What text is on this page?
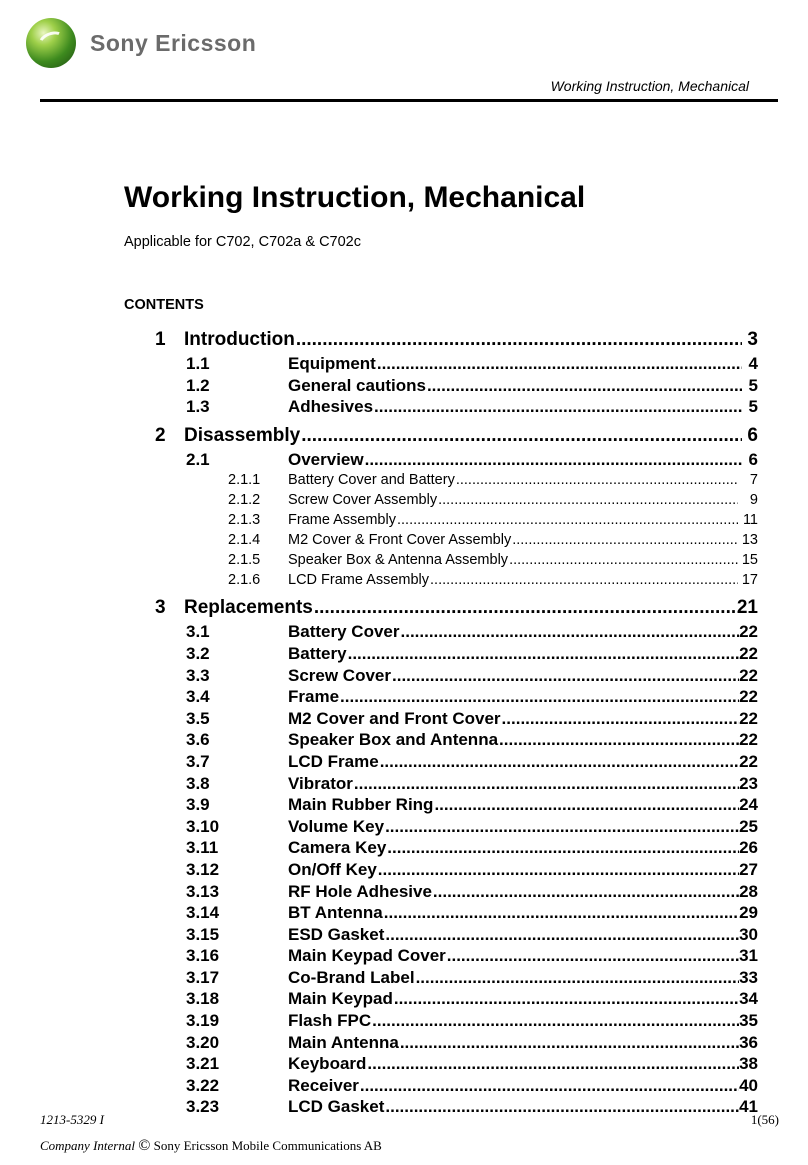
Sony Ericsson
Working Instruction, Mechanical
Working Instruction, Mechanical
Applicable for C702, C702a & C702c
CONTENTS
1 Introduction .....	3
1.1	Equipment .....	4
1.2	General cautions .....	5
1.3	Adhesives .....	5
2 Disassembly .....	6
2.1	Overview .....	6
2.1.1 Battery Cover and Battery .....	7
2.1.2 Screw Cover Assembly .....	9
2.1.3 Frame Assembly .....	11
2.1.4 M2 Cover & Front Cover Assembly .....	13
2.1.5 Speaker Box & Antenna Assembly .....	15
2.1.6 LCD Frame Assembly .....	17
3 Replacements .....	21
3.1	Battery Cover .....	22
3.2	Battery .....	22
3.3	Screw Cover .....	22
3.4	Frame .....	22
3.5	M2 Cover and Front Cover .....	22
3.6	Speaker Box and Antenna .....	22
3.7	LCD Frame .....	22
3.8	Vibrator .....	23
3.9	Main Rubber Ring .....	24
3.10	Volume Key .....	25
3.11	Camera Key .....	26
3.12	On/Off Key .....	27
3.13	RF Hole Adhesive .....	28
3.14	BT Antenna .....	29
3.15	ESD Gasket .....	30
3.16	Main Keypad Cover .....	31
3.17	Co-Brand Label .....	33
3.18	Main Keypad .....	34
3.19	Flash FPC .....	35
3.20	Main Antenna .....	36
3.21	Keyboard .....	38
3.22	Receiver .....	40
3.23	LCD Gasket .....	41
1213-5329 I	1(56)
Company Internal © Sony Ericsson Mobile Communications AB
